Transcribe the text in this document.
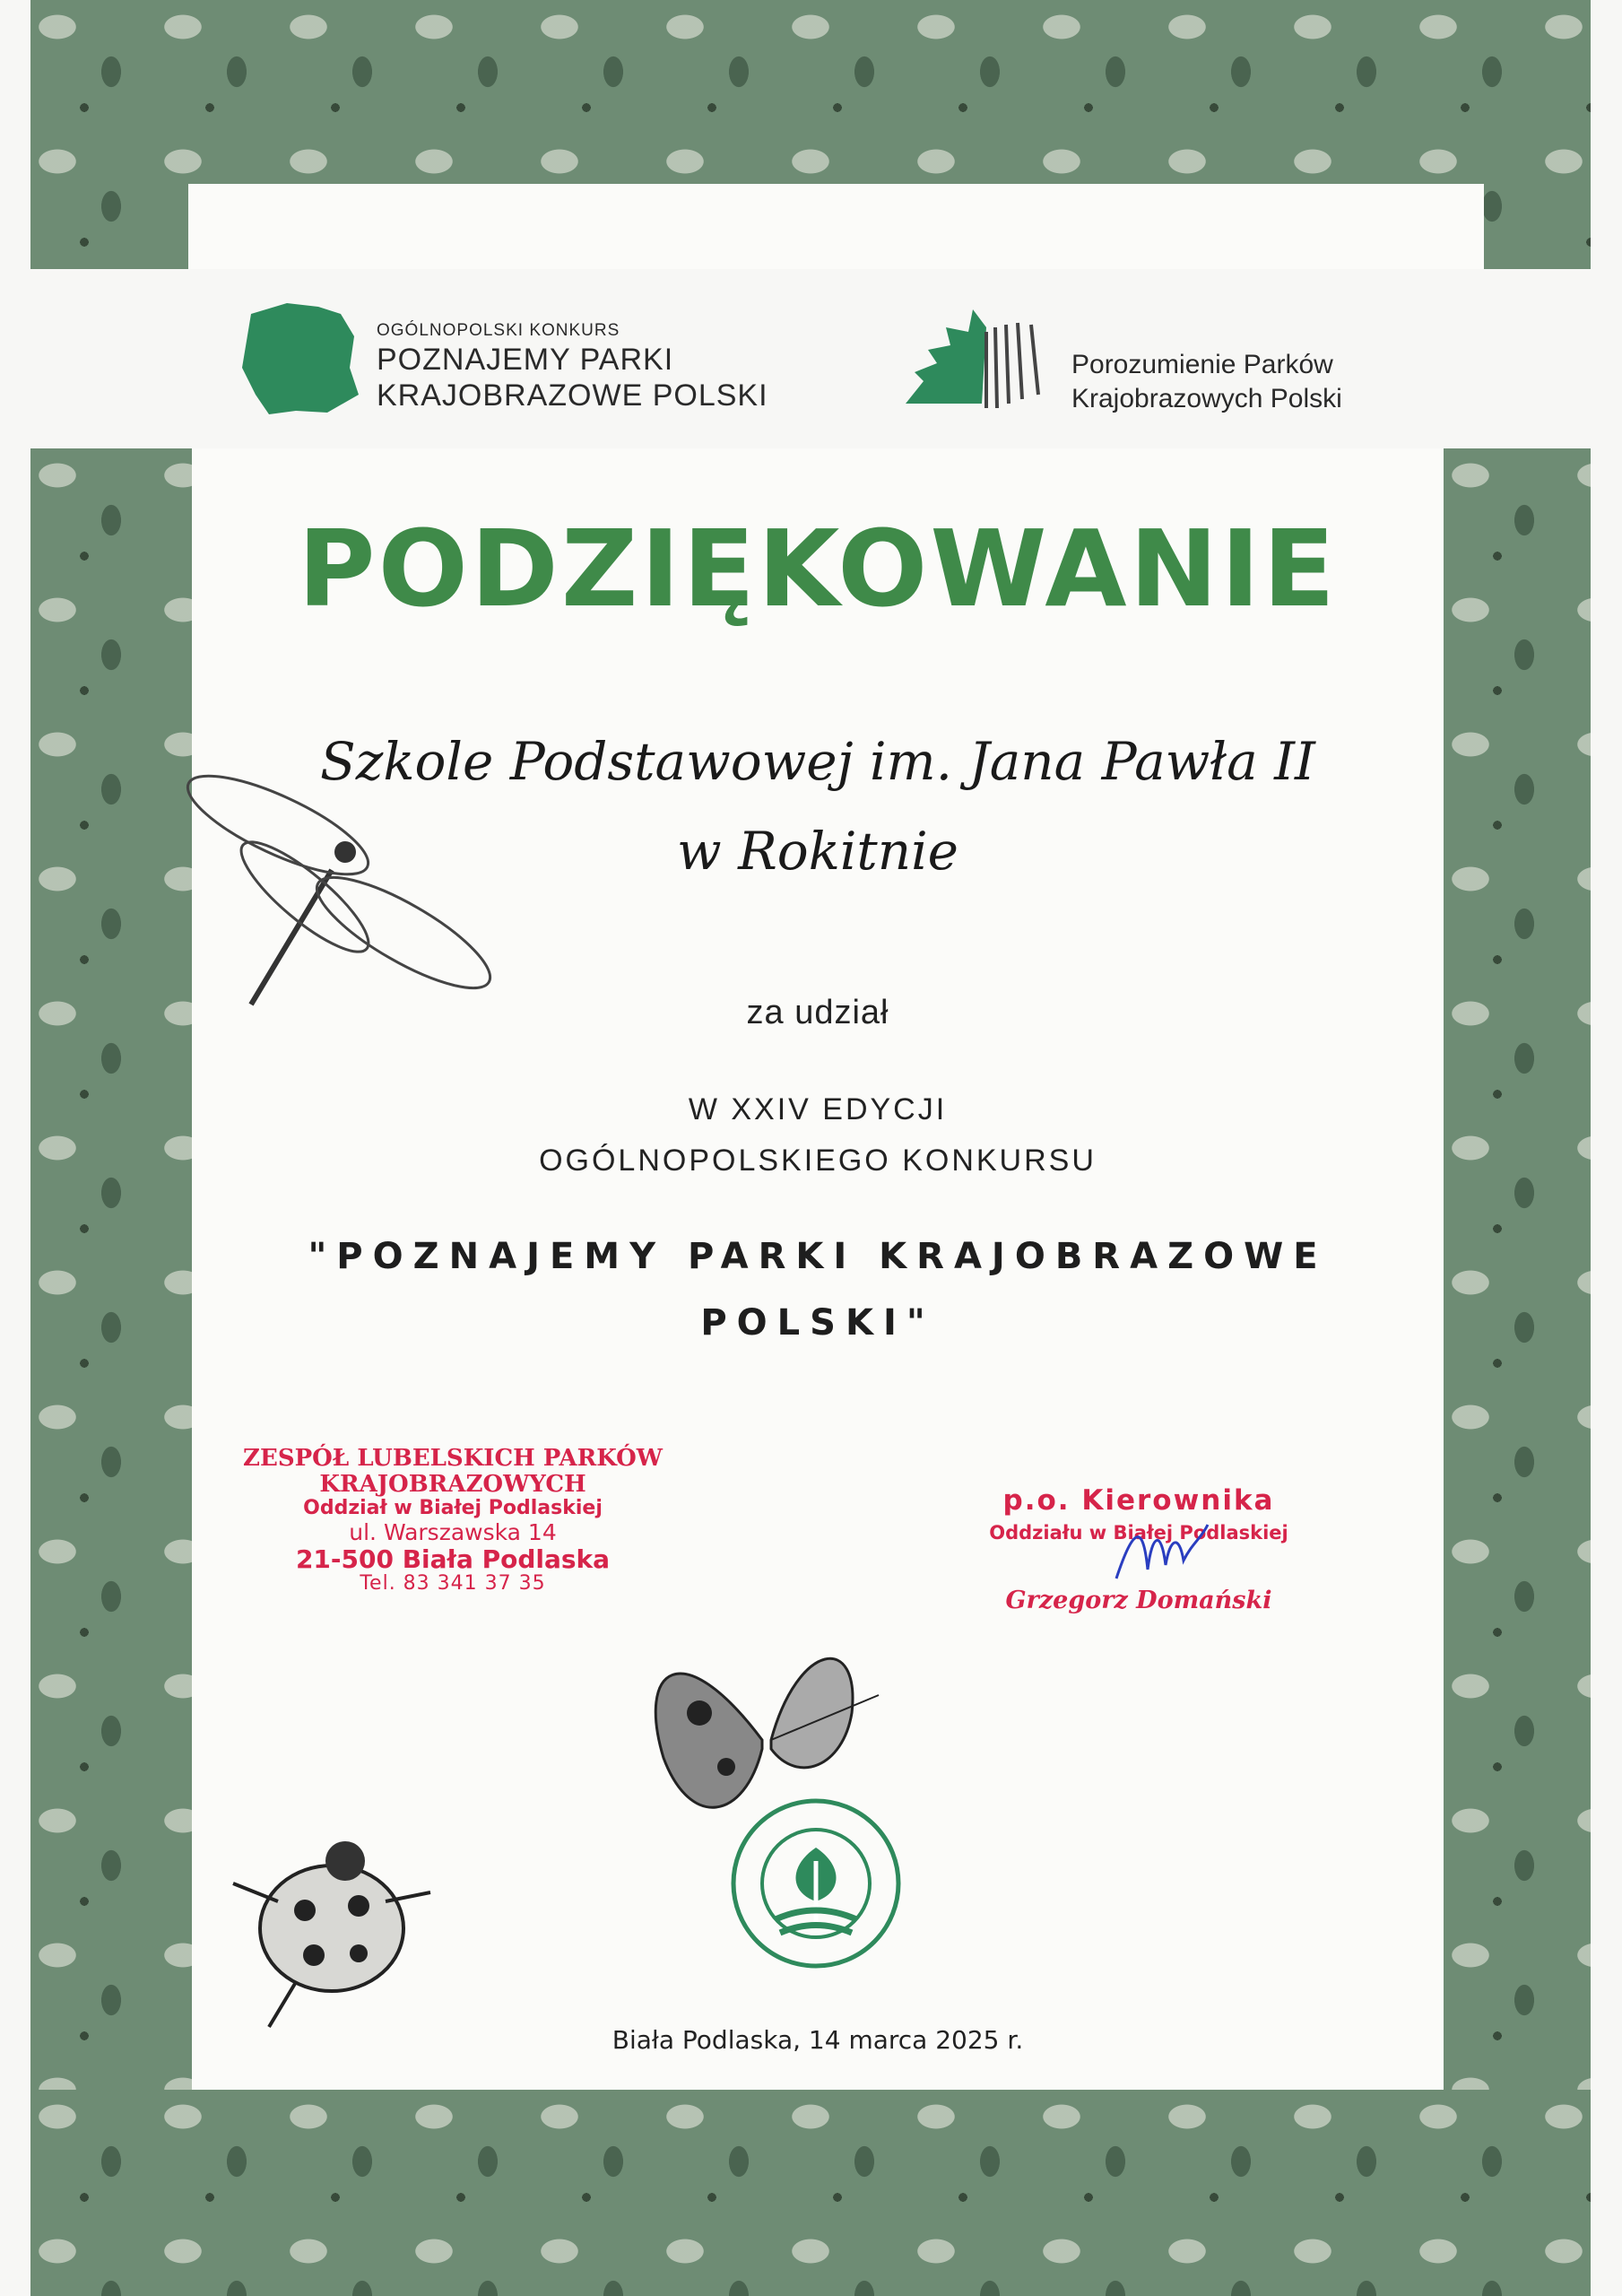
OGÓLNOPOLSKI KONKURS
POZNAJEMY PARKI
KRAJOBRAZOWE POLSKI
Porozumienie Parków
Krajobrazowych Polski
PODZIĘKOWANIE
Szkole Podstawowej im. Jana Pawła II
w Rokitnie
za udział
W XXIV EDYCJI
OGÓLNOPOLSKIEGO KONKURSU
"POZNAJEMY PARKI KRAJOBRAZOWE
POLSKI"
ZESPÓŁ LUBELSKICH PARKÓW
KRAJOBRAZOWYCH
Oddział w Białej Podlaskiej
ul. Warszawska 14
21-500 Biała Podlaska
Tel. 83 341 37 35
p.o. Kierownika
Oddziału w Białej Podlaskiej
Grzegorz Domański
Biała Podlaska, 14 marca 2025 r.
